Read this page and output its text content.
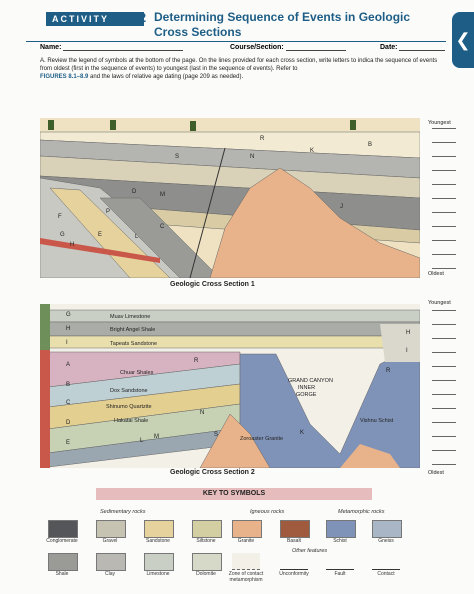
ACTIVITY	8.2 Determining Sequence of Events in Geologic
Cross Sections	❮
Name:	Course/Section:	Date:
A. Review the legend of symbols at the bottom of the page. On the lines provided for each cross section, write letters to indica the sequence of events from oldest (first in the sequence of events) to youngest (last in the sequence of events). Refer to
FIGURES 8.1–8.9 and the laws of relative age dating (page 209 as needed).
G	E
H
C
L
D	M
N
R
K
B
J
S
P
F
Geologic Cross Section 1
Youngest
Oldest
Muav Limestone
Bright Angel Shale
Tapeats Sandstone
Chuar Shales
Dox Sandstone
Shinumo Quartzite
Hakatai Shale
GRAND CANYON
INNER
GORGE
Zoroaster Granite
Vishnu Schist
G
H
I
A
B
C
D
E	L
M
N
R
K
S
H
I
R
Geologic Cross Section 2
Youngest
Oldest
KEY TO SYMBOLS
Sedimentary rocks	Igneous rocks	Metamorphic rocks
Conglomerate	Gravel	Sandstone	Siltstone	Granite	Basalt	Schist	Gneiss
Other features
Shale	Clay	Limestone	Dolomite	Zone of contact metamorphism
Unconformity	Fault	Contact
